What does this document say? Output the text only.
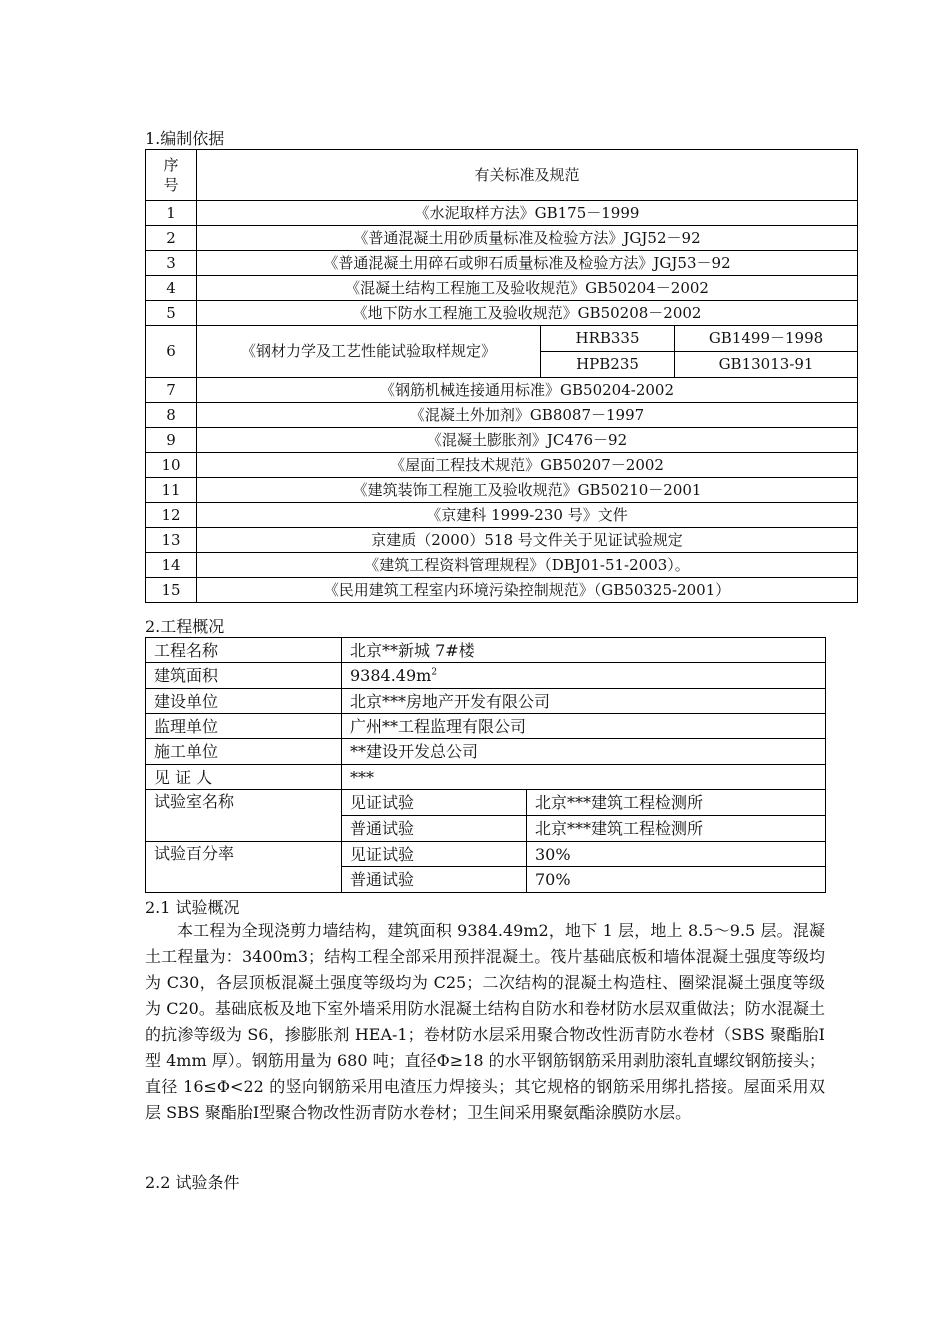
1.编制依据
序号	有关标准及规范		
1	《水泥取样方法》GB175－1999		
2	《普通混凝土用砂质量标准及检验方法》JGJ52－92		
3	《普通混凝土用碎石或卵石质量标准及检验方法》JGJ53－92		
4	《混凝土结构工程施工及验收规范》GB50204－2002		
5	《地下防水工程施工及验收规范》GB50208－2002		
6	《钢材力学及工艺性能试验取样规定》	HRB335	GB1499－1998
		HPB235	GB13013-91
7	《钢筋机械连接通用标准》GB50204-2002		
8	《混凝土外加剂》GB8087－1997		
9	《混凝土膨胀剂》JC476－92		
10	《屋面工程技术规范》GB50207－2002		
11	《建筑装饰工程施工及验收规范》GB50210－2001		
12	《京建科 1999-230 号》文件		
13	京建质（2000）518 号文件关于见证试验规定		
14	《建筑工程资料管理规程》（DBJ01-51-2003）。		
15	《民用建筑工程室内环境污染控制规范》（GB50325-2001）		
2.工程概况
工程名称	北京**新城 7#楼	
建筑面积	$9384.49m^2$
建设单位	北京***房地产开发有限公司	
监理单位	广州**工程监理有限公司	
施工单位	**建设开发总公司	
见 证 人	***	
试验室名称	见证试验	北京***建筑工程检测所
	普通试验	北京***建筑工程检测所
试验百分率	见证试验	30%
	普通试验	70%
2.1 试验概况
本工程为全现浇剪力墙结构，建筑面积 9384.49m2，地下 1 层，地上 8.5～9.5 层。混凝土工程量为：3400m3；结构工程全部采用预拌混凝土。筏片基础底板和墙体混凝土强度等级均为 C30，各层顶板混凝土强度等级均为 C25；二次结构的混凝土构造柱、圈梁混凝土强度等级为 C20。基础底板及地下室外墙采用防水混凝土结构自防水和卷材防水层双重做法；防水混凝土的抗渗等级为 S6，掺膨胀剂 HEA-1；卷材防水层采用聚合物改性沥青防水卷材（SBS 聚酯胎Ⅰ型 4mm 厚）。钢筋用量为 680 吨；直径Φ≥18 的水平钢筋钢筋采用剥肋滚轧直螺纹钢筋接头；直径 16≤Φ<22 的竖向钢筋采用电渣压力焊接头；其它规格的钢筋采用绑扎搭接。屋面采用双层 SBS 聚酯胎Ⅰ型聚合物改性沥青防水卷材；卫生间采用聚氨酯涂膜防水层。
2.2 试验条件
